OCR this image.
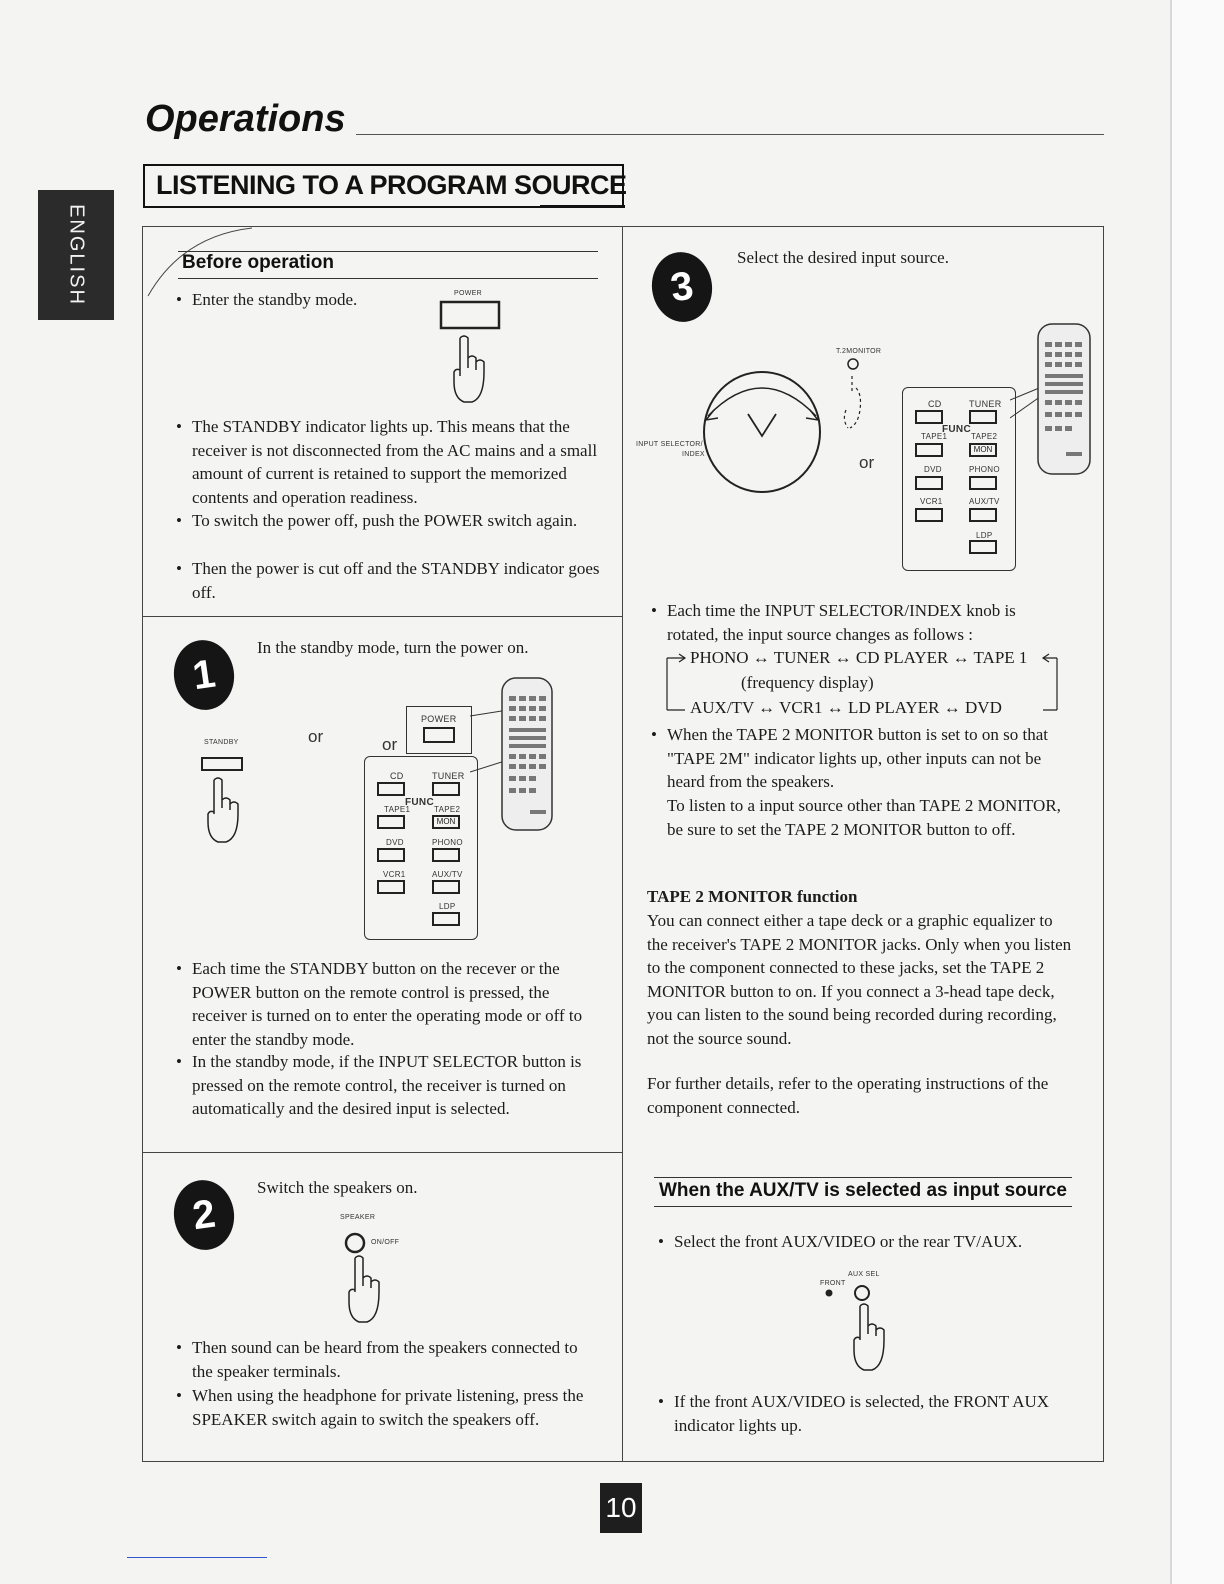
ENGLISH
Operations
LISTENING TO A PROGRAM SOURCE
Before operation
• Enter the standby mode.	POWER
• The STANDBY indicator lights up. This means that the receiver is not disconnected from the AC mains and a small amount of current is retained to support the memorized contents and operation readiness.
• To switch the power off, push the POWER switch again.
• Then the power is cut off and the STANDBY indicator goes off.
1
In the standby mode, turn the power on.
STANDBY	or	or
POWER
CD	TUNER
FUNC
TAPE1	TAPE2
MON
DVD	PHONO
VCR1	AUX/TV
LDP
• Each time the STANDBY button on the recever or the POWER button on the remote control is pressed, the receiver is turned on to enter the operating mode or off to enter the standby mode.
• In the standby mode, if the INPUT SELECTOR button is pressed on the remote control, the receiver is turned on automatically and the desired input is selected.
2
Switch the speakers on.
SPEAKER
ON/OFF
• Then sound can be heard from the speakers connected to the speaker terminals.
• When using the headphone for private listening, press the SPEAKER switch again to switch the speakers off.
3
Select the desired input source.
T.2MONITOR
INPUT SELECTOR/
INDEX	or
CD	TUNER
FUNC
TAPE1	TAPE2
MON
DVD	PHONO
VCR1	AUX/TV
LDP
• Each time the INPUT SELECTOR/INDEX knob is rotated, the input source changes as follows :
PHONO ↔ TUNER ↔ CD PLAYER ↔ TAPE 1
(frequency display)
AUX/TV ↔ VCR1 ↔ LD PLAYER ↔ DVD
• When the TAPE 2 MONITOR button is set to on so that "TAPE 2M" indicator lights up, other inputs can not be heard from the speakers.
To listen to a input source other than TAPE 2 MONITOR, be sure to set the TAPE 2 MONITOR button to off.
TAPE 2 MONITOR function
You can connect either a tape deck or a graphic equalizer to the receiver's TAPE 2 MONITOR jacks. Only when you listen to the component connected to these jacks, set the TAPE 2 MONITOR button to on. If you connect a 3-head tape deck, you can listen to the sound being recorded during recording, not the source sound.
For further details, refer to the operating instructions of the component connected.
When the AUX/TV is selected as input source
• Select the front AUX/VIDEO or the rear TV/AUX.
AUX SEL
FRONT
• If the front AUX/VIDEO is selected, the FRONT AUX indicator lights up.
10
